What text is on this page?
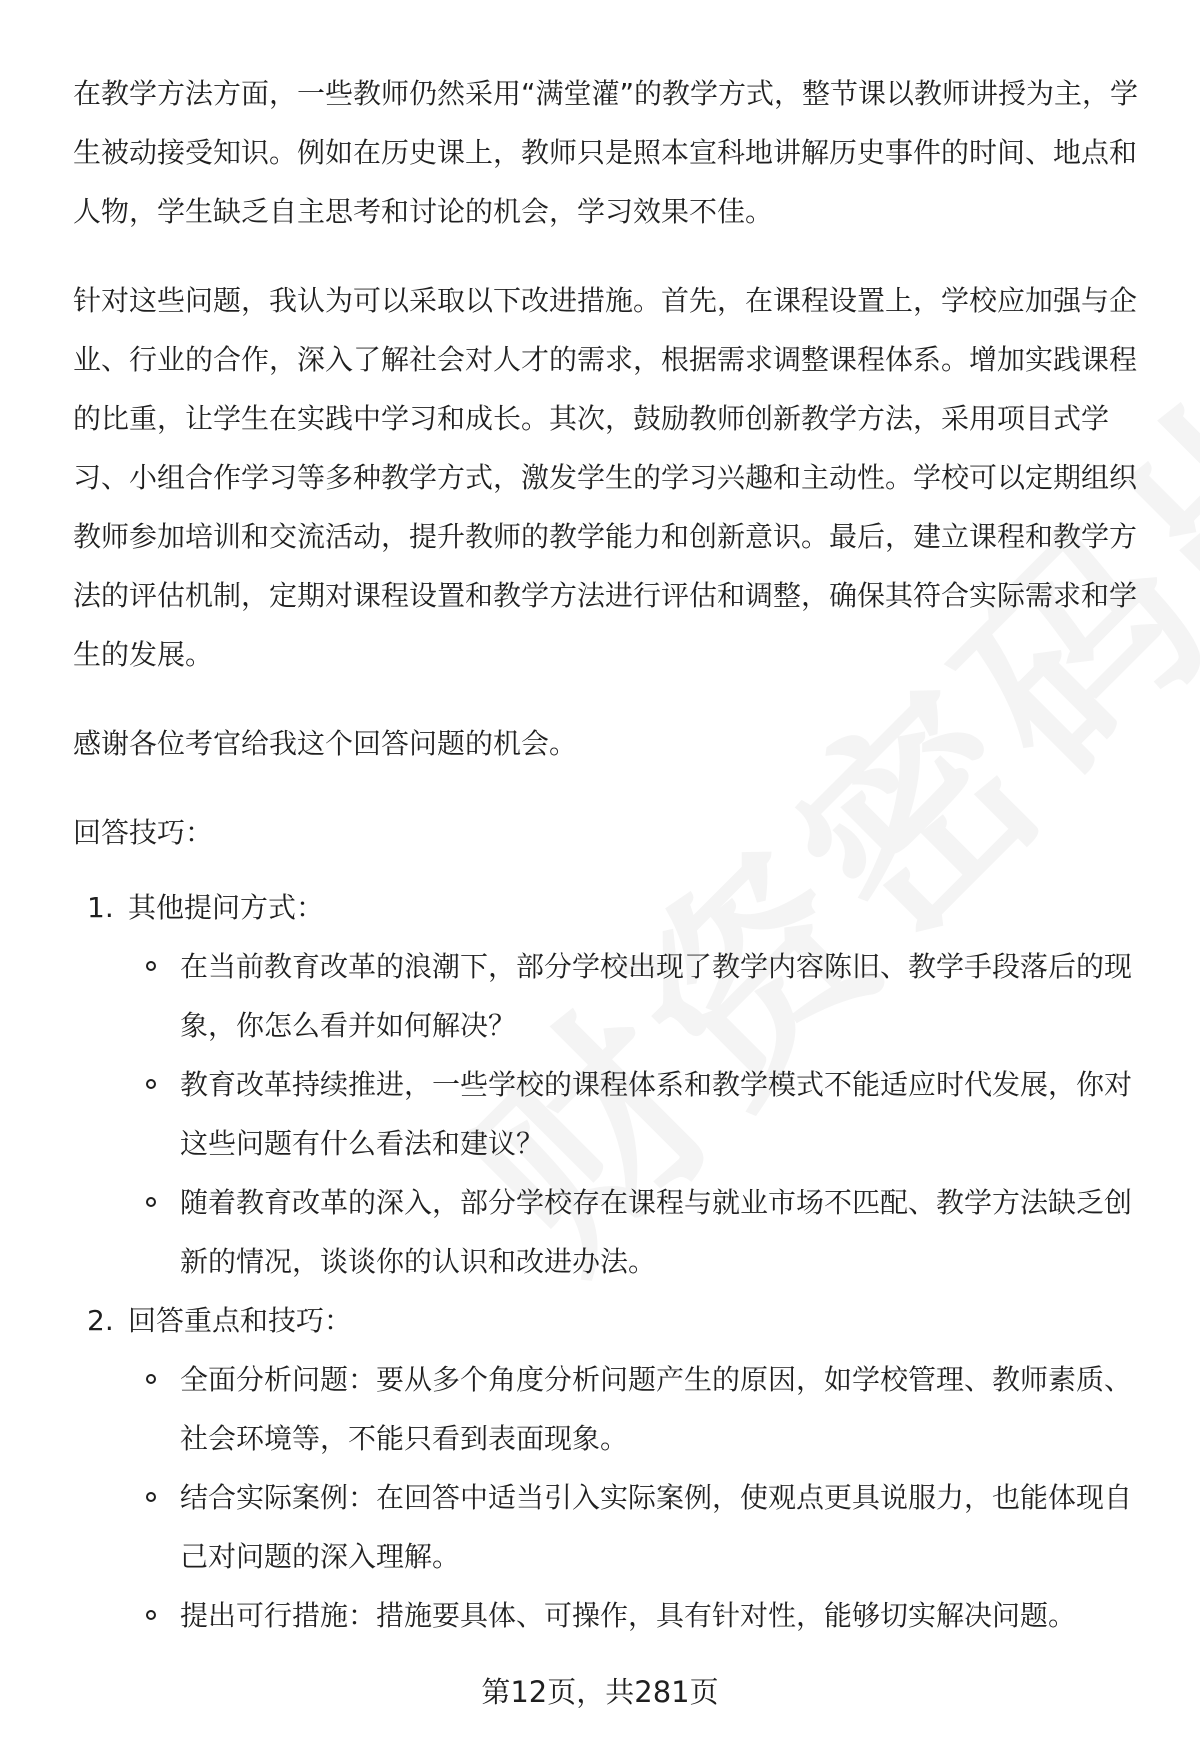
在教学方法方面，一些教师仍然采用“满堂灌”的教学方式，整节课以教师讲授为主，学生被动接受知识。例如在历史课上，教师只是照本宣科地讲解历史事件的时间、地点和人物，学生缺乏自主思考和讨论的机会，学习效果不佳。

针对这些问题，我认为可以采取以下改进措施。首先，在课程设置上，学校应加强与企业、行业的合作，深入了解社会对人才的需求，根据需求调整课程体系。增加实践课程的比重，让学生在实践中学习和成长。其次，鼓励教师创新教学方法，采用项目式学习、小组合作学习等多种教学方式，激发学生的学习兴趣和主动性。学校可以定期组织教师参加培训和交流活动，提升教师的教学能力和创新意识。最后，建立课程和教学方法的评估机制，定期对课程设置和教学方法进行评估和调整，确保其符合实际需求和学生的发展。

感谢各位考官给我这个回答问题的机会。

回答技巧：
1. 其他提问方式：
在当前教育改革的浪潮下，部分学校出现了教学内容陈旧、教学手段落后的现象，你怎么看并如何解决？
教育改革持续推进，一些学校的课程体系和教学模式不能适应时代发展，你对这些问题有什么看法和建议？
随着教育改革的深入，部分学校存在课程与就业市场不匹配、教学方法缺乏创新的情况，谈谈你的认识和改进办法。
2. 回答重点和技巧：
全面分析问题：要从多个角度分析问题产生的原因，如学校管理、教师素质、社会环境等，不能只看到表面现象。
结合实际案例：在回答中适当引入实际案例，使观点更具说服力，也能体现自己对问题的深入理解。
提出可行措施：措施要具体、可操作，具有针对性，能够切实解决问题。
第12页，共281页
